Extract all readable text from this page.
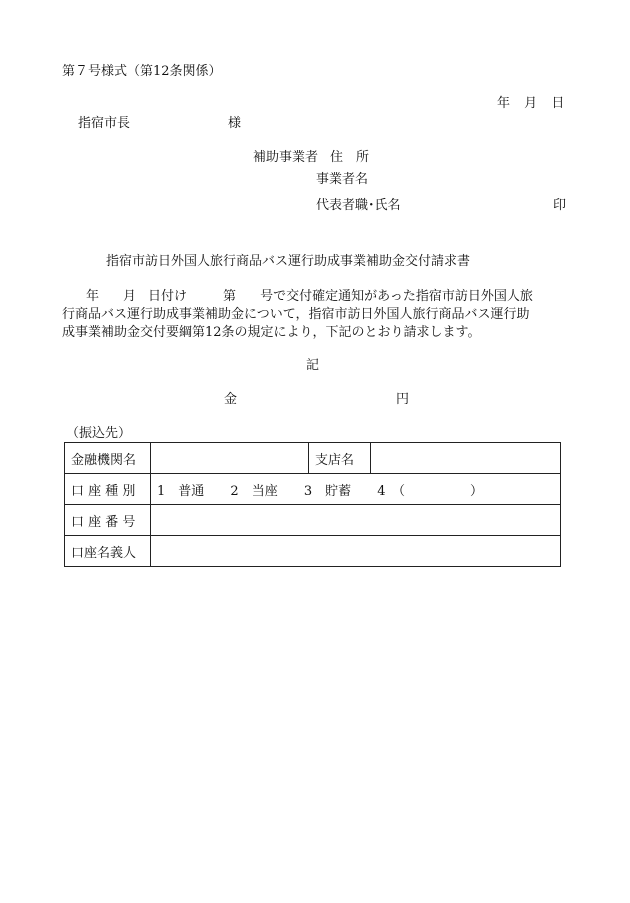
第７号様式（第12条関係）
年 月 日
指宿市長	様
補助事業者 住　所
事業者名
代表者職･氏名	印
指宿市訪日外国人旅行商品バス運行助成事業補助金交付請求書
年 月 日付け	第 号で交付確定通知があった指宿市訪日外国人旅
行商品バス運行助成事業補助金について，指宿市訪日外国人旅行商品バス運行助
成事業補助金交付要綱第12条の規定により，下記のとおり請求します。
記
金	円
（振込先）
金融機関名		支店名	
口 座 種 別	1　普通 2　当座 3　貯蓄 4　（　　　　　）		
口 座 番 号			
口座名義人			
